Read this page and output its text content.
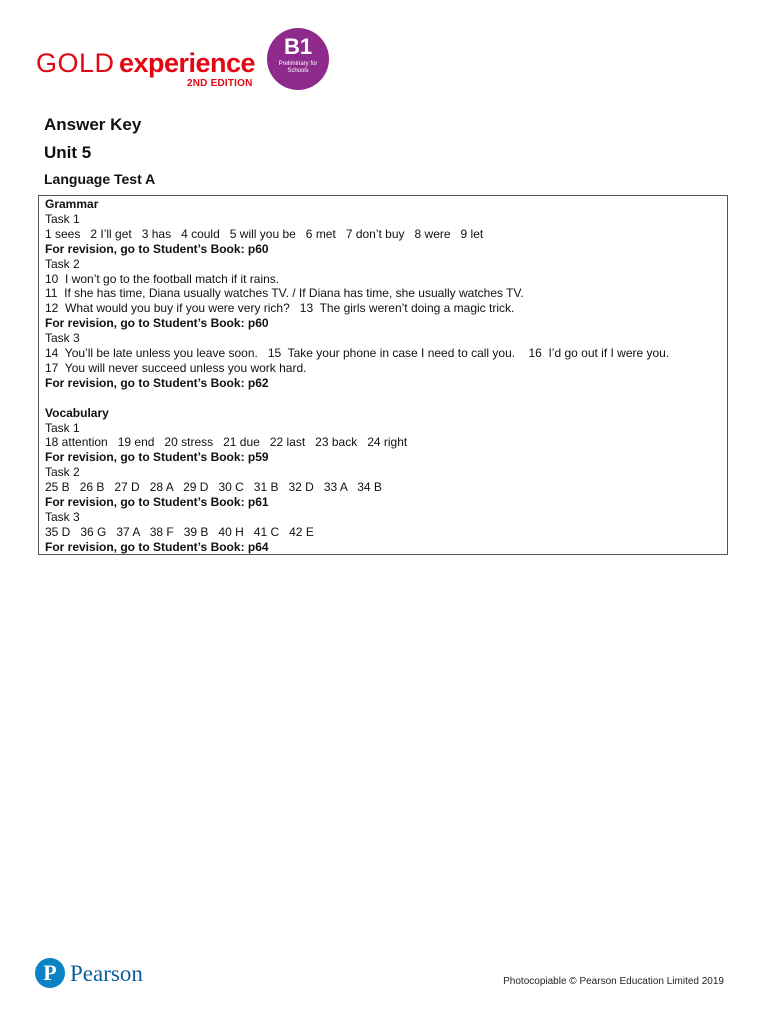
GOLD experience
2ND EDITION
B1
Preliminary for Schools
Answer Key
Unit 5
Language Test A
Grammar
Task 1
1 sees   2 I’ll get   3 has   4 could   5 will you be   6 met   7 don’t buy   8 were   9 let
For revision, go to Student’s Book: p60
Task 2
10  I won’t go to the football match if it rains.
11  If she has time, Diana usually watches TV. / If Diana has time, she usually watches TV.
12  What would you buy if you were very rich?   13  The girls weren’t doing a magic trick.
For revision, go to Student’s Book: p60
Task 3
14  You’ll be late unless you leave soon.   15  Take your phone in case I need to call you.    16  I’d go out if I were you.
17  You will never succeed unless you work hard.
For revision, go to Student’s Book: p62
Vocabulary
Task 1
18 attention   19 end   20 stress   21 due   22 last   23 back   24 right
For revision, go to Student’s Book: p59
Task 2
25 B   26 B   27 D   28 A   29 D   30 C   31 B   32 D   33 A   34 B
For revision, go to Student’s Book: p61
Task 3
35 D   36 G   37 A   38 F   39 B   40 H   41 C   42 E
For revision, go to Student’s Book: p64
P Pearson	Photocopiable © Pearson Education Limited 2019
